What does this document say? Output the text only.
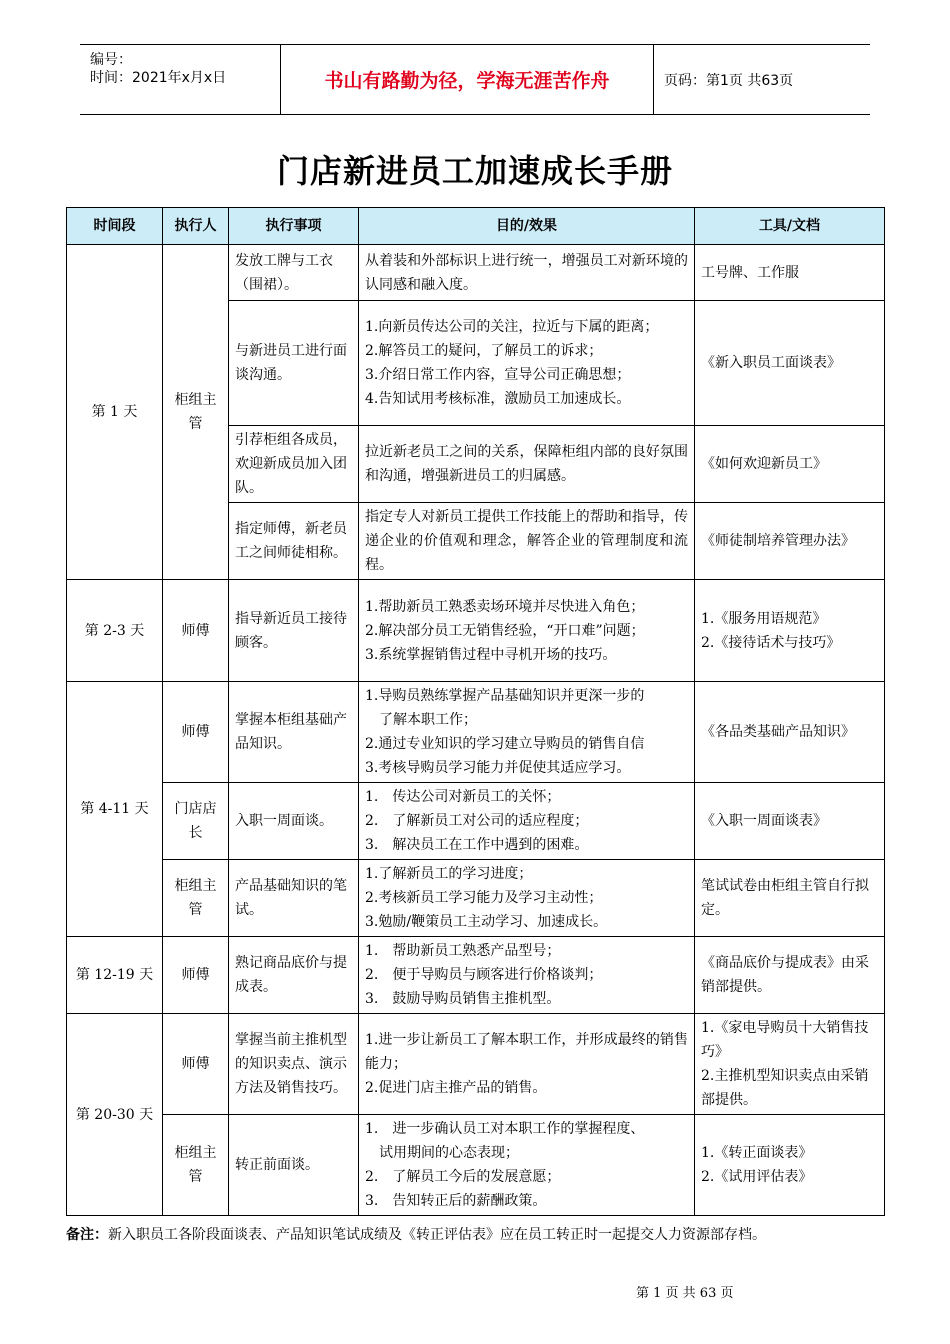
编号：
时间：2021年x月x日	书山有路勤为径，学海无涯苦作舟	页码：第1页 共63页
门店新进员工加速成长手册
时间段	执行人	执行事项	目的/效果	工具/文档
第 1 天	柜组主管	发放工牌与工衣（围裙）。	从着装和外部标识上进行统一，增强员工对新环境的认同感和融入度。	工号牌、工作服

		与新进员工进行面谈沟通。	1.向新员传达公司的关注，拉近与下属的距离；
2.解答员工的疑问，了解员工的诉求；
3.介绍日常工作内容，宣导公司正确思想；
4.告知试用考核标准，激励员工加速成长。	《新入职员工面谈表》

		引荐柜组各成员，欢迎新成员加入团队。	拉近新老员工之间的关系，保障柜组内部的良好氛围和沟通，增强新进员工的归属感。	《如何欢迎新员工》

		指定师傅，新老员工之间师徒相称。	指定专人对新员工提供工作技能上的帮助和指导，传递企业的价值观和理念，解答企业的管理制度和流程。	《师徒制培养管理办法》

第 2-3 天	师傅	指导新近员工接待顾客。	1.帮助新员工熟悉卖场环境并尽快进入角色；
2.解决部分员工无销售经验，“开口难”问题；
3.系统掌握销售过程中寻机开场的技巧。	1.《服务用语规范》
2.《接待话术与技巧》

第 4-11 天	师傅	掌握本柜组基础产品知识。	1.导购员熟练掌握产品基础知识并更深一步的
了解本职工作；
2.通过专业知识的学习建立导购员的销售自信
3.考核导购员学习能力并促使其适应学习。	《各品类基础产品知识》

	门店店长	入职一周面谈。	1.　传达公司对新员工的关怀；
2.　了解新员工对公司的适应程度；
3.　解决员工在工作中遇到的困难。	《入职一周面谈表》

	柜组主管	产品基础知识的笔试。	1.了解新员工的学习进度；
2.考核新员工学习能力及学习主动性；
3.勉励/鞭策员工主动学习、加速成长。	笔试试卷由柜组主管自行拟定。

第 12-19 天	师傅	熟记商品底价与提成表。	1.　帮助新员工熟悉产品型号；
2.　便于导购员与顾客进行价格谈判；
3.　鼓励导购员销售主推机型。	《商品底价与提成表》由采销部提供。

第 20-30 天	师傅	掌握当前主推机型的知识卖点、演示方法及销售技巧。	1.进一步让新员工了解本职工作，并形成最终的销售能力；
2.促进门店主推产品的销售。	1.《家电导购员十大销售技巧》
2.主推机型知识卖点由采销部提供。

	柜组主管	转正前面谈。	1.　进一步确认员工对本职工作的掌握程度、
试用期间的心态表现；
2.　了解员工今后的发展意愿；
3.　告知转正后的薪酬政策。	1.《转正面谈表》
2.《试用评估表》
备注：新入职员工各阶段面谈表、产品知识笔试成绩及《转正评估表》应在员工转正时一起提交人力资源部存档。
第 1 页 共 63 页
